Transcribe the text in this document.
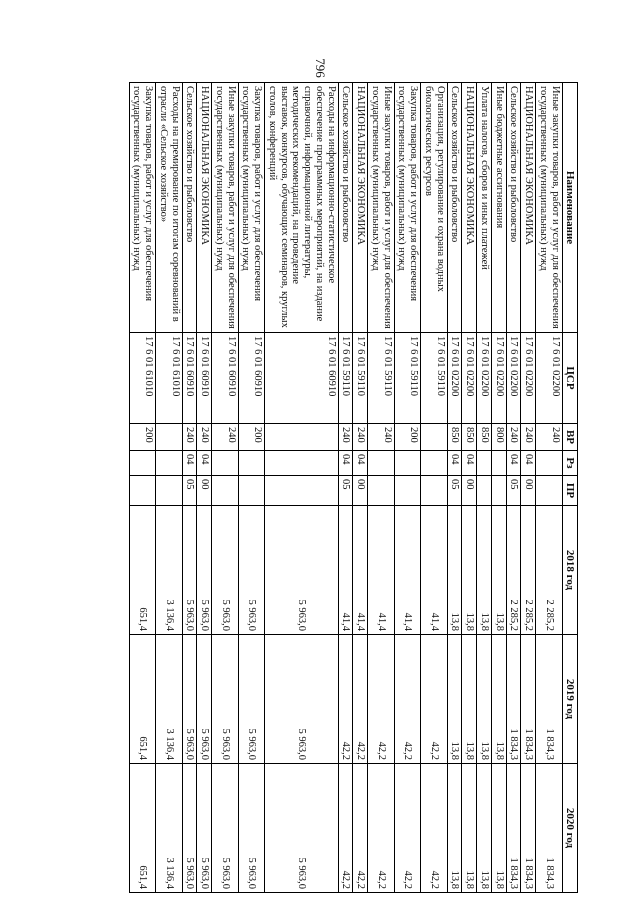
796
Наименование	ЦСР	ВР	Рз	ПР	2018 год	2019 год	2020 год
Иные закупки товаров, работ и услуг для обеспечения государственных (муниципальных) нужд	17 6 01 02200	240			2 285,2	1 834,3	1 834,3
НАЦИОНАЛЬНАЯ ЭКОНОМИКА	17 6 01 02200	240	04	00	2 285,2	1 834,3	1 834,3
Сельское хозяйство и рыболовство	17 6 01 02200	240	04	05	2 285,2	1 834,3	1 834,3
Иные бюджетные ассигнования	17 6 01 02200	800			13,8	13,8	13,8
Уплата налогов, сборов и иных платежей	17 6 01 02200	850			13,8	13,8	13,8
НАЦИОНАЛЬНАЯ ЭКОНОМИКА	17 6 01 02200	850	04	00	13,8	13,8	13,8
Сельское хозяйство и рыболовство	17 6 01 02200	850	04	05	13,8	13,8	13,8
Организация, регулирование и охрана водных биологических ресурсов	17 6 01 59110				41,4	42,2	42,2
Закупка товаров, работ и услуг для обеспечения государственных (муниципальных) нужд	17 6 01 59110	200			41,4	42,2	42,2
Иные закупки товаров, работ и услуг для обеспечения государственных (муниципальных) нужд	17 6 01 59110	240			41,4	42,2	42,2
НАЦИОНАЛЬНАЯ ЭКОНОМИКА	17 6 01 59110	240	04	00	41,4	42,2	42,2
Сельское хозяйство и рыболовство	17 6 01 59110	240	04	05	41,4	42,2	42,2
Расходы на информационно-статистическое обеспечение программных мероприятий, на издание справочной, информационной литературы, методических рекомендаций, на проведение выставок, конкурсов, обучающих семинаров, круглых столов, конференций	17 6 01 60910				5 963,0	5 963,0	5 963,0
Закупка товаров, работ и услуг для обеспечения государственных (муниципальных) нужд	17 6 01 60910	200			5 963,0	5 963,0	5 963,0
Иные закупки товаров, работ и услуг для обеспечения государственных (муниципальных) нужд	17 6 01 60910	240			5 963,0	5 963,0	5 963,0
НАЦИОНАЛЬНАЯ ЭКОНОМИКА	17 6 01 60910	240	04	00	5 963,0	5 963,0	5 963,0
Сельское хозяйство и рыболовство	17 6 01 60910	240	04	05	5 963,0	5 963,0	5 963,0
Расходы на премирование по итогам соревнований в отрасли «Сельское хозяйство»	17 6 01 61010				3 136,4	3 136,4	3 136,4
Закупка товаров, работ и услуг для обеспечения государственных (муниципальных) нужд	17 6 01 61010	200			651,4	651,4	651,4
